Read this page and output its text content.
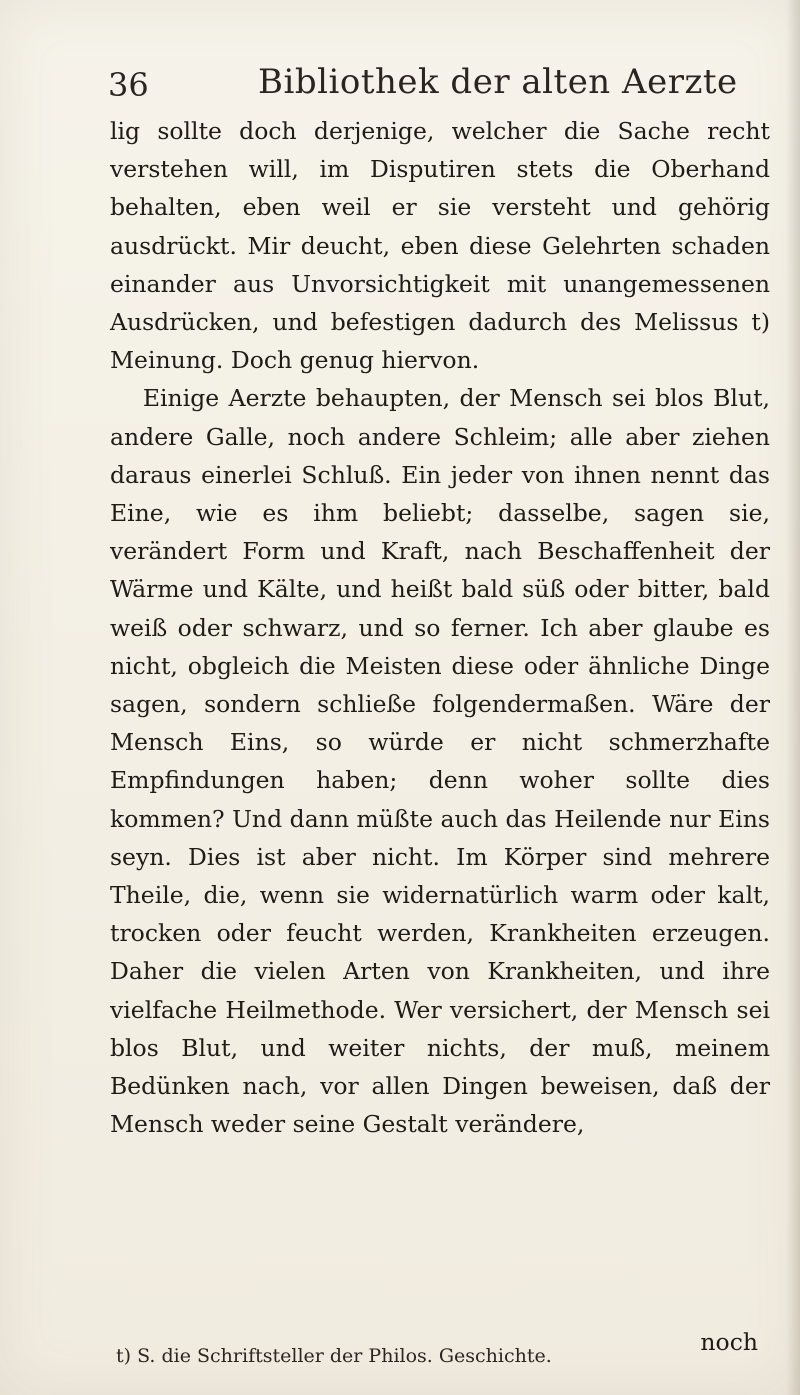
36	Bibliothek der alten Aerzte

lig sollte doch derjenige, welcher die Sache recht verstehen will, im Disputiren stets die Oberhand behalten, eben weil er sie versteht und gehörig ausdrückt. Mir deucht, eben diese Gelehrten schaden einander aus Unvorsichtigkeit mit unangemessenen Ausdrücken, und befestigen dadurch des Melissus t) Meinung. Doch genug hiervon.

Einige Aerzte behaupten, der Mensch sei blos Blut, andere Galle, noch andere Schleim; alle aber ziehen daraus einerlei Schluß. Ein jeder von ihnen nennt das Eine, wie es ihm beliebt; dasselbe, sagen sie, verändert Form und Kraft, nach Beschaffenheit der Wärme und Kälte, und heißt bald süß oder bitter, bald weiß oder schwarz, und so ferner. Ich aber glaube es nicht, obgleich die Meisten diese oder ähnliche Dinge sagen, sondern schließe folgendermaßen. Wäre der Mensch Eins, so würde er nicht schmerzhafte Empfindungen haben; denn woher sollte dies kommen? Und dann müßte auch das Heilende nur Eins seyn. Dies ist aber nicht. Im Körper sind mehrere Theile, die, wenn sie widernatürlich warm oder kalt, trocken oder feucht werden, Krankheiten erzeugen. Daher die vielen Arten von Krankheiten, und ihre vielfache Heilmethode. Wer versichert, der Mensch sei blos Blut, und weiter nichts, der muß, meinem Bedünken nach, vor allen Dingen beweisen, daß der Mensch weder seine Gestalt verändere,

noch
t) S. die Schriftsteller der Philos. Geschichte.
